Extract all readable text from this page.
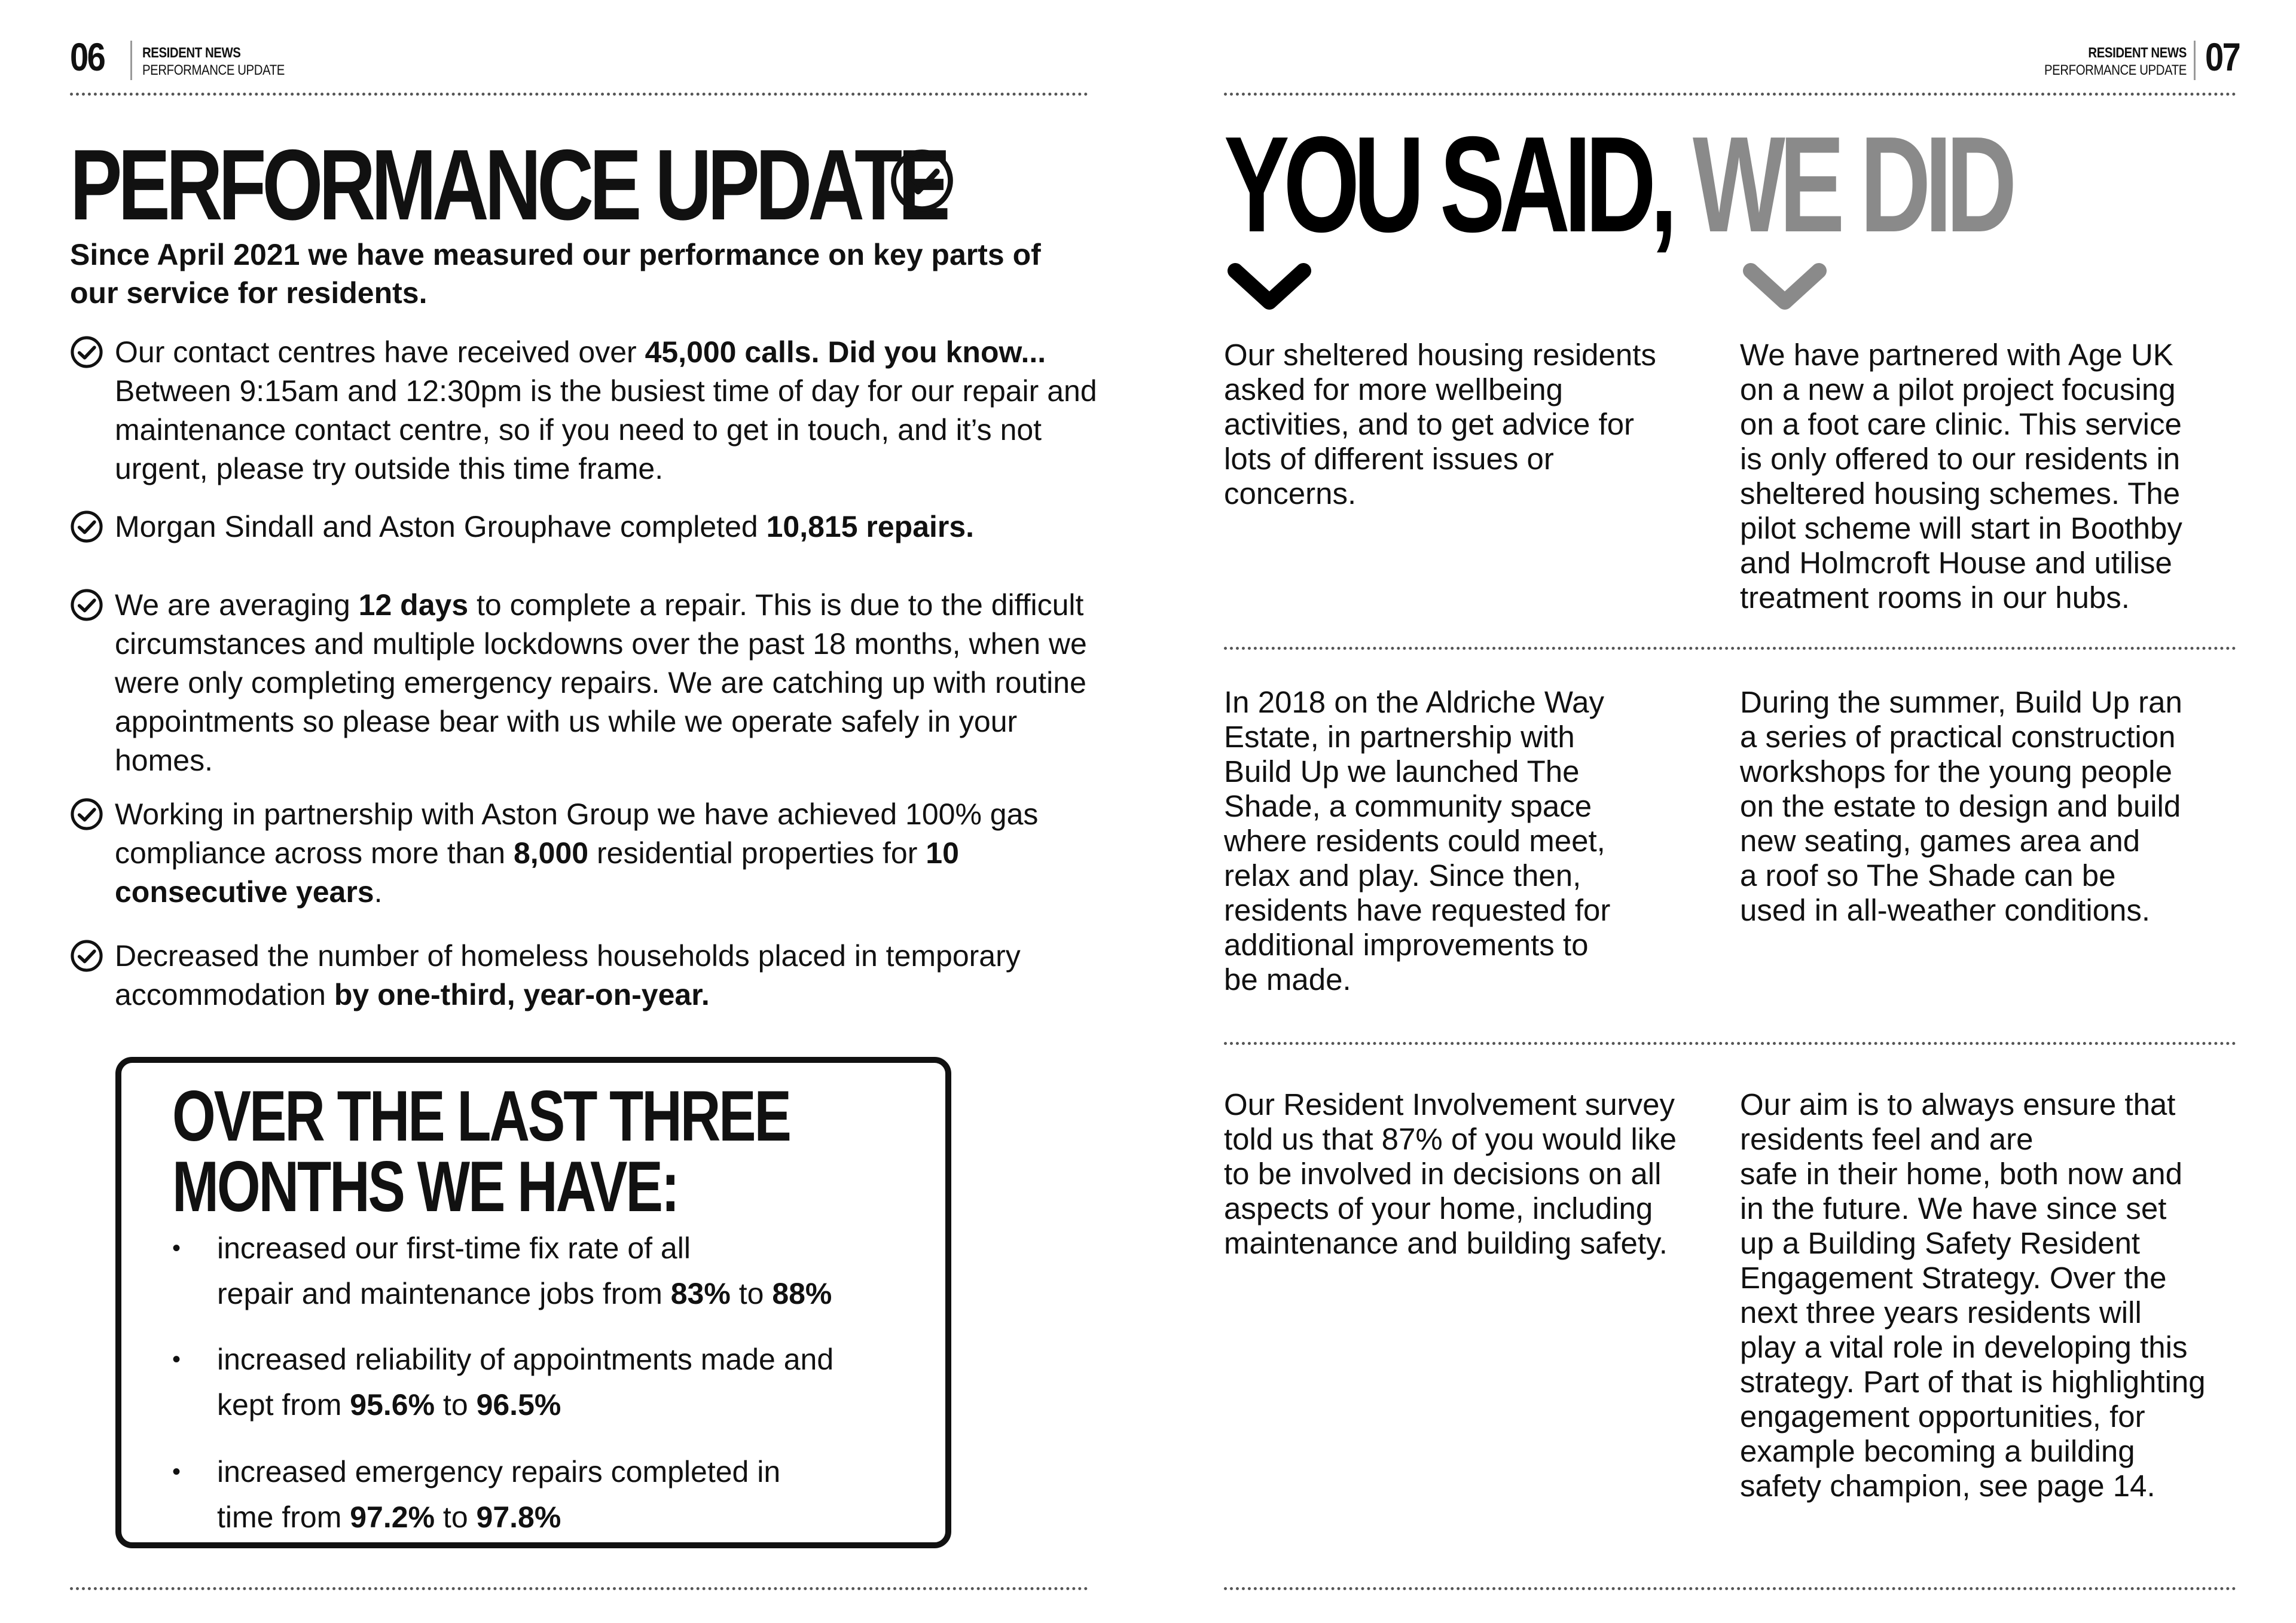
06	RESIDENT NEWS
PERFORMANCE UPDATE
PERFORMANCE UPDATE
Since April 2021 we have measured our performance on key parts of our service for residents.
Our contact centres have received over 45,000 calls. Did you know... Between 9:15am and 12:30pm is the busiest time of day for our repair and maintenance contact centre, so if you need to get in touch, and it’s not urgent, please try outside this time frame.
Morgan Sindall and Aston Grouphave completed 10,815 repairs.
We are averaging 12 days to complete a repair. This is due to the difficult circumstances and multiple lockdowns over the past 18 months, when we were only completing emergency repairs. We are catching up with routine appointments so please bear with us while we operate safely in your homes.
Working in partnership with Aston Group we have achieved 100% gas compliance across more than 8,000 residential properties for 10 consecutive years.
Decreased the number of homeless households placed in temporary accommodation by one-third, year-on-year.
OVER THE LAST THREE
MONTHS WE HAVE:
• increased our first-time fix rate of all
repair and maintenance jobs from 83% to 88%
• increased reliability of appointments made and
kept from 95.6% to 96.5%
• increased emergency repairs completed in
time from 97.2% to 97.8%
RESIDENT NEWS
PERFORMANCE UPDATE 07
YOU SAID, WE DID
Our sheltered housing residents
asked for more wellbeing
activities, and to get advice for
lots of different issues or
concerns.
We have partnered with Age UK
on a new a pilot project focusing
on a foot care clinic. This service
is only offered to our residents in
sheltered housing schemes. The
pilot scheme will start in Boothby
and Holmcroft House and utilise
treatment rooms in our hubs.
In 2018 on the Aldriche Way
Estate, in partnership with
Build Up we launched The
Shade, a community space
where residents could meet,
relax and play. Since then,
residents have requested for
additional improvements to
be made.
During the summer, Build Up ran
a series of practical construction
workshops for the young people
on the estate to design and build
new seating, games area and
a roof so The Shade can be
used in all-weather conditions.
Our Resident Involvement survey
told us that 87% of you would like
to be involved in decisions on all
aspects of your home, including
maintenance and building safety.
Our aim is to always ensure that
residents feel and are
safe in their home, both now and
in the future. We have since set
up a Building Safety Resident
Engagement Strategy. Over the
next three years residents will
play a vital role in developing this
strategy. Part of that is highlighting
engagement opportunities, for
example becoming a building
safety champion, see page 14.
